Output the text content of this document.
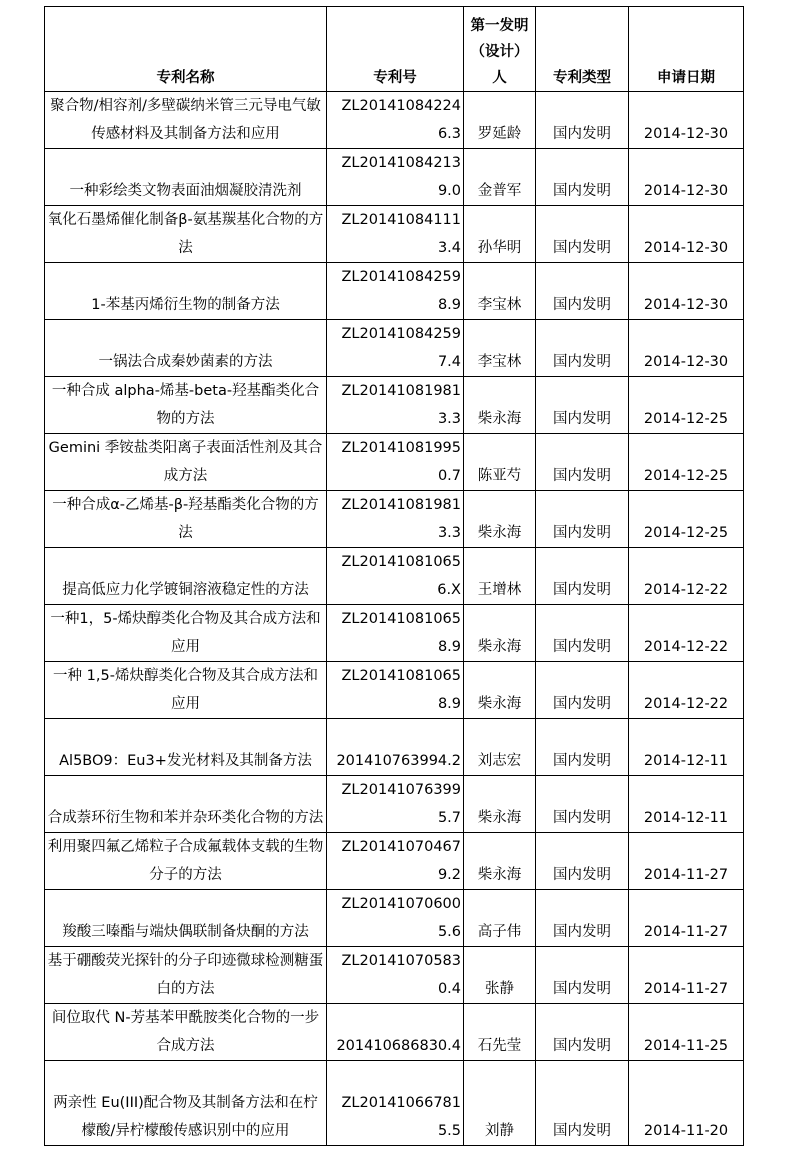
专利名称	专利号	第一发明（设计）人	专利类型	申请日期
聚合物/相容剂/多壁碳纳米管三元导电气敏传感材料及其制备方法和应用	ZL201410842246.3	罗延龄	国内发明	2014-12-30
一种彩绘类文物表面油烟凝胶清洗剂	ZL201410842139.0	金普军	国内发明	2014-12-30
氧化石墨烯催化制备β-氨基羰基化合物的方法	ZL201410841113.4	孙华明	国内发明	2014-12-30
1-苯基丙烯衍生物的制备方法	ZL201410842598.9	李宝林	国内发明	2014-12-30
一锅法合成秦妙菌素的方法	ZL201410842597.4	李宝林	国内发明	2014-12-30
一种合成 alpha-烯基-beta-羟基酯类化合物的方法	ZL201410819813.3	柴永海	国内发明	2014-12-25
Gemini 季铵盐类阳离子表面活性剂及其合成方法	ZL201410819950.7	陈亚芍	国内发明	2014-12-25
一种合成α-乙烯基-β-羟基酯类化合物的方法	ZL201410819813.3	柴永海	国内发明	2014-12-25
提高低应力化学镀铜溶液稳定性的方法	ZL201410810656.X	王增林	国内发明	2014-12-22
一种1，5-烯炔醇类化合物及其合成方法和应用	ZL201410810658.9	柴永海	国内发明	2014-12-22
一种 1,5-烯炔醇类化合物及其合成方法和应用	ZL201410810658.9	柴永海	国内发明	2014-12-22
Al5BO9：Eu3+发光材料及其制备方法	201410763994.2	刘志宏	国内发明	2014-12-11
合成萘环衍生物和苯并杂环类化合物的方法	ZL201410763995.7	柴永海	国内发明	2014-12-11
利用聚四氟乙烯粒子合成氟载体支载的生物分子的方法	ZL201410704679.2	柴永海	国内发明	2014-11-27
羧酸三嗪酯与端炔偶联制备炔酮的方法	ZL201410706005.6	高子伟	国内发明	2014-11-27
基于硼酸荧光探针的分子印迹微球检测糖蛋白的方法	ZL201410705830.4	张静	国内发明	2014-11-27
间位取代 N-芳基苯甲酰胺类化合物的一步合成方法	201410686830.4	石先莹	国内发明	2014-11-25
两亲性 Eu(III)配合物及其制备方法和在柠檬酸/异柠檬酸传感识别中的应用	ZL201410667815.5	刘静	国内发明	2014-11-20
